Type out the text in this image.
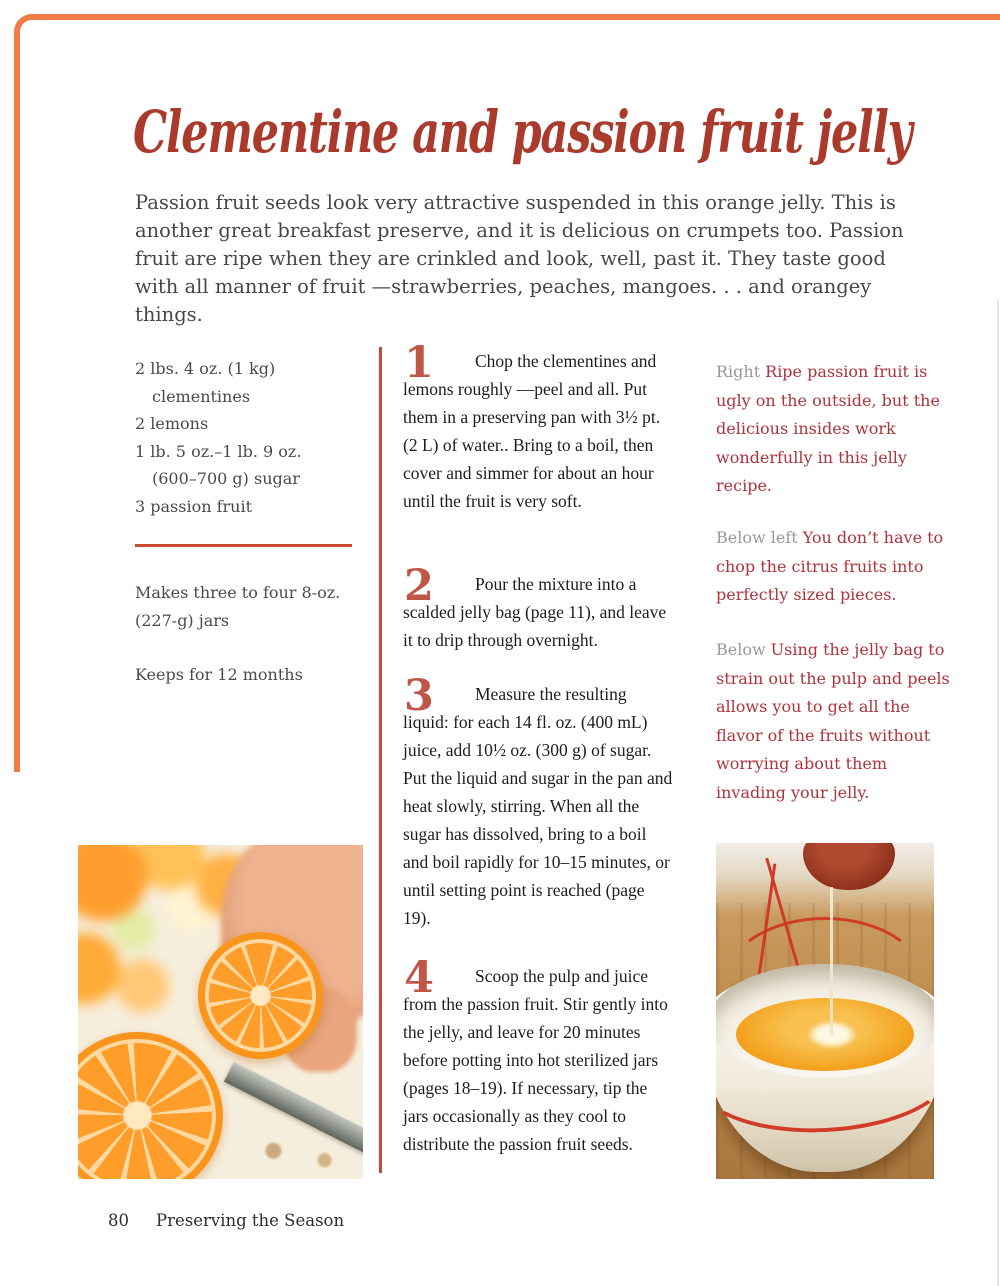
Clementine and passion fruit jelly

Passion fruit seeds look very attractive suspended in this orange jelly. This is another great breakfast preserve, and it is delicious on crumpets too. Passion fruit are ripe when they are crinkled and look, well, past it. They taste good with all manner of fruit —strawberries, peaches, mangoes. . . and orangey things.

2 lbs. 4 oz. (1 kg)
clementines
2 lemons
1 lb. 5 oz.–1 lb. 9 oz.
(600–700 g) sugar
3 passion fruit

Makes three to four 8-oz. (227-g) jars

Keeps for 12 months

1	Chop the clementines and lemons roughly —peel and all. Put them in a preserving pan with 3½ pt. (2 L) of water.. Bring to a boil, then cover and simmer for about an hour until the fruit is very soft.

2	Pour the mixture into a scalded jelly bag (page 11), and leave it to drip through overnight.

3	Measure the resulting liquid: for each 14 fl. oz. (400 mL) juice, add 10½ oz. (300 g) of sugar. Put the liquid and sugar in the pan and heat slowly, stirring. When all the sugar has dissolved, bring to a boil and boil rapidly for 10–15 minutes, or until setting point is reached (page 19).

4	Scoop the pulp and juice from the passion fruit. Stir gently into the jelly, and leave for 20 minutes before potting into hot sterilized jars (pages 18–19). If necessary, tip the jars occasionally as they cool to distribute the passion fruit seeds.

Right Ripe passion fruit is ugly on the outside, but the delicious insides work wonderfully in this jelly recipe.

Below left You don’t have to chop the citrus fruits into perfectly sized pieces.

Below Using the jelly bag to strain out the pulp and peels allows you to get all the flavor of the fruits without worrying about them invading your jelly.

80 Preserving the Season
